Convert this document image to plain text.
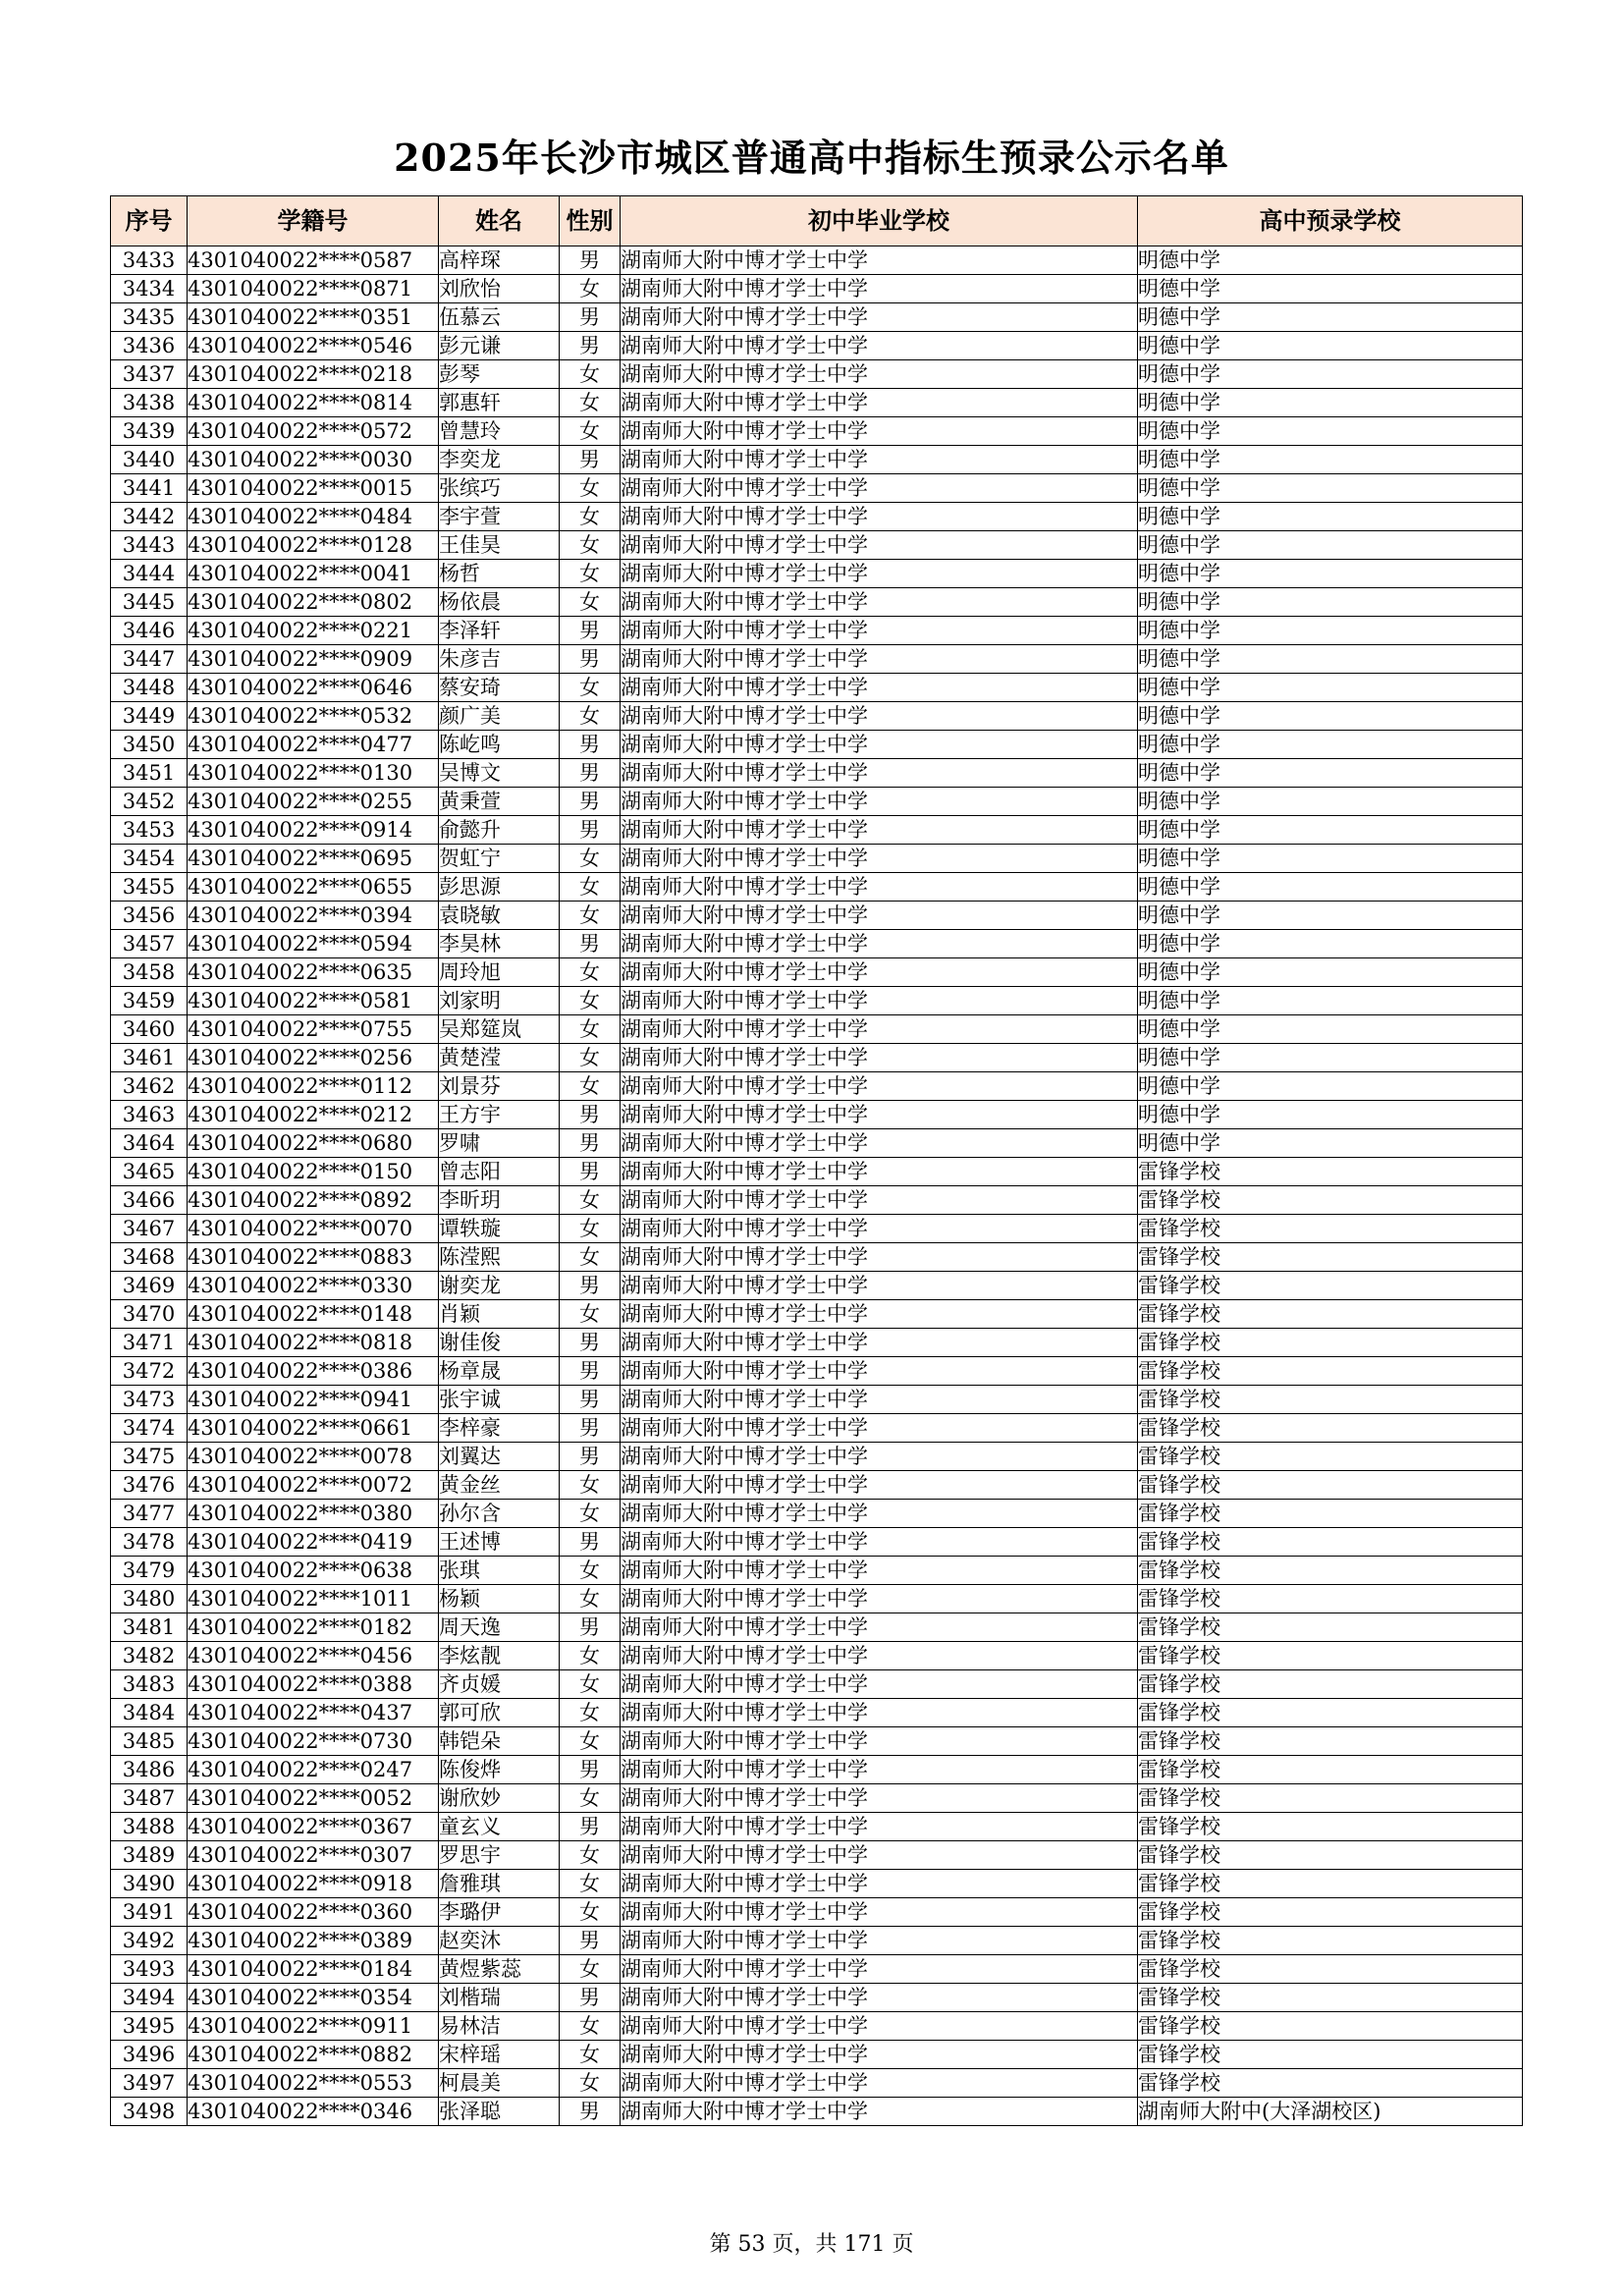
2025年长沙市城区普通高中指标生预录公示名单
序号	学籍号	姓名	性别	初中毕业学校	高中预录学校
3433	4301040022****0587	高梓琛	男	湖南师大附中博才学士中学	明德中学
3434	4301040022****0871	刘欣怡	女	湖南师大附中博才学士中学	明德中学
3435	4301040022****0351	伍慕云	男	湖南师大附中博才学士中学	明德中学
3436	4301040022****0546	彭元谦	男	湖南师大附中博才学士中学	明德中学
3437	4301040022****0218	彭琴	女	湖南师大附中博才学士中学	明德中学
3438	4301040022****0814	郭惠轩	女	湖南师大附中博才学士中学	明德中学
3439	4301040022****0572	曾慧玲	女	湖南师大附中博才学士中学	明德中学
3440	4301040022****0030	李奕龙	男	湖南师大附中博才学士中学	明德中学
3441	4301040022****0015	张缤巧	女	湖南师大附中博才学士中学	明德中学
3442	4301040022****0484	李宇萱	女	湖南师大附中博才学士中学	明德中学
3443	4301040022****0128	王佳昊	女	湖南师大附中博才学士中学	明德中学
3444	4301040022****0041	杨哲	女	湖南师大附中博才学士中学	明德中学
3445	4301040022****0802	杨依晨	女	湖南师大附中博才学士中学	明德中学
3446	4301040022****0221	李泽轩	男	湖南师大附中博才学士中学	明德中学
3447	4301040022****0909	朱彦吉	男	湖南师大附中博才学士中学	明德中学
3448	4301040022****0646	蔡安琦	女	湖南师大附中博才学士中学	明德中学
3449	4301040022****0532	颜广美	女	湖南师大附中博才学士中学	明德中学
3450	4301040022****0477	陈屹鸣	男	湖南师大附中博才学士中学	明德中学
3451	4301040022****0130	吴博文	男	湖南师大附中博才学士中学	明德中学
3452	4301040022****0255	黄秉萱	男	湖南师大附中博才学士中学	明德中学
3453	4301040022****0914	俞懿升	男	湖南师大附中博才学士中学	明德中学
3454	4301040022****0695	贺虹宁	女	湖南师大附中博才学士中学	明德中学
3455	4301040022****0655	彭思源	女	湖南师大附中博才学士中学	明德中学
3456	4301040022****0394	袁晓敏	女	湖南师大附中博才学士中学	明德中学
3457	4301040022****0594	李昊林	男	湖南师大附中博才学士中学	明德中学
3458	4301040022****0635	周玲旭	女	湖南师大附中博才学士中学	明德中学
3459	4301040022****0581	刘家明	女	湖南师大附中博才学士中学	明德中学
3460	4301040022****0755	吴郑筵岚	女	湖南师大附中博才学士中学	明德中学
3461	4301040022****0256	黄楚滢	女	湖南师大附中博才学士中学	明德中学
3462	4301040022****0112	刘景芬	女	湖南师大附中博才学士中学	明德中学
3463	4301040022****0212	王方宇	男	湖南师大附中博才学士中学	明德中学
3464	4301040022****0680	罗啸	男	湖南师大附中博才学士中学	明德中学
3465	4301040022****0150	曾志阳	男	湖南师大附中博才学士中学	雷锋学校
3466	4301040022****0892	李昕玥	女	湖南师大附中博才学士中学	雷锋学校
3467	4301040022****0070	谭轶璇	女	湖南师大附中博才学士中学	雷锋学校
3468	4301040022****0883	陈滢熙	女	湖南师大附中博才学士中学	雷锋学校
3469	4301040022****0330	谢奕龙	男	湖南师大附中博才学士中学	雷锋学校
3470	4301040022****0148	肖颖	女	湖南师大附中博才学士中学	雷锋学校
3471	4301040022****0818	谢佳俊	男	湖南师大附中博才学士中学	雷锋学校
3472	4301040022****0386	杨章晟	男	湖南师大附中博才学士中学	雷锋学校
3473	4301040022****0941	张宇诚	男	湖南师大附中博才学士中学	雷锋学校
3474	4301040022****0661	李梓豪	男	湖南师大附中博才学士中学	雷锋学校
3475	4301040022****0078	刘翼达	男	湖南师大附中博才学士中学	雷锋学校
3476	4301040022****0072	黄金丝	女	湖南师大附中博才学士中学	雷锋学校
3477	4301040022****0380	孙尔含	女	湖南师大附中博才学士中学	雷锋学校
3478	4301040022****0419	王述博	男	湖南师大附中博才学士中学	雷锋学校
3479	4301040022****0638	张琪	女	湖南师大附中博才学士中学	雷锋学校
3480	4301040022****1011	杨颖	女	湖南师大附中博才学士中学	雷锋学校
3481	4301040022****0182	周天逸	男	湖南师大附中博才学士中学	雷锋学校
3482	4301040022****0456	李炫靓	女	湖南师大附中博才学士中学	雷锋学校
3483	4301040022****0388	齐贞媛	女	湖南师大附中博才学士中学	雷锋学校
3484	4301040022****0437	郭可欣	女	湖南师大附中博才学士中学	雷锋学校
3485	4301040022****0730	韩铠朵	女	湖南师大附中博才学士中学	雷锋学校
3486	4301040022****0247	陈俊烨	男	湖南师大附中博才学士中学	雷锋学校
3487	4301040022****0052	谢欣妙	女	湖南师大附中博才学士中学	雷锋学校
3488	4301040022****0367	童玄义	男	湖南师大附中博才学士中学	雷锋学校
3489	4301040022****0307	罗思宇	女	湖南师大附中博才学士中学	雷锋学校
3490	4301040022****0918	詹雅琪	女	湖南师大附中博才学士中学	雷锋学校
3491	4301040022****0360	李璐伊	女	湖南师大附中博才学士中学	雷锋学校
3492	4301040022****0389	赵奕沐	男	湖南师大附中博才学士中学	雷锋学校
3493	4301040022****0184	黄煜紫蕊	女	湖南师大附中博才学士中学	雷锋学校
3494	4301040022****0354	刘楷瑞	男	湖南师大附中博才学士中学	雷锋学校
3495	4301040022****0911	易林洁	女	湖南师大附中博才学士中学	雷锋学校
3496	4301040022****0882	宋梓瑶	女	湖南师大附中博才学士中学	雷锋学校
3497	4301040022****0553	柯晨美	女	湖南师大附中博才学士中学	雷锋学校
3498	4301040022****0346	张泽聪	男	湖南师大附中博才学士中学	湖南师大附中(大泽湖校区)
第 53 页，共 171 页
